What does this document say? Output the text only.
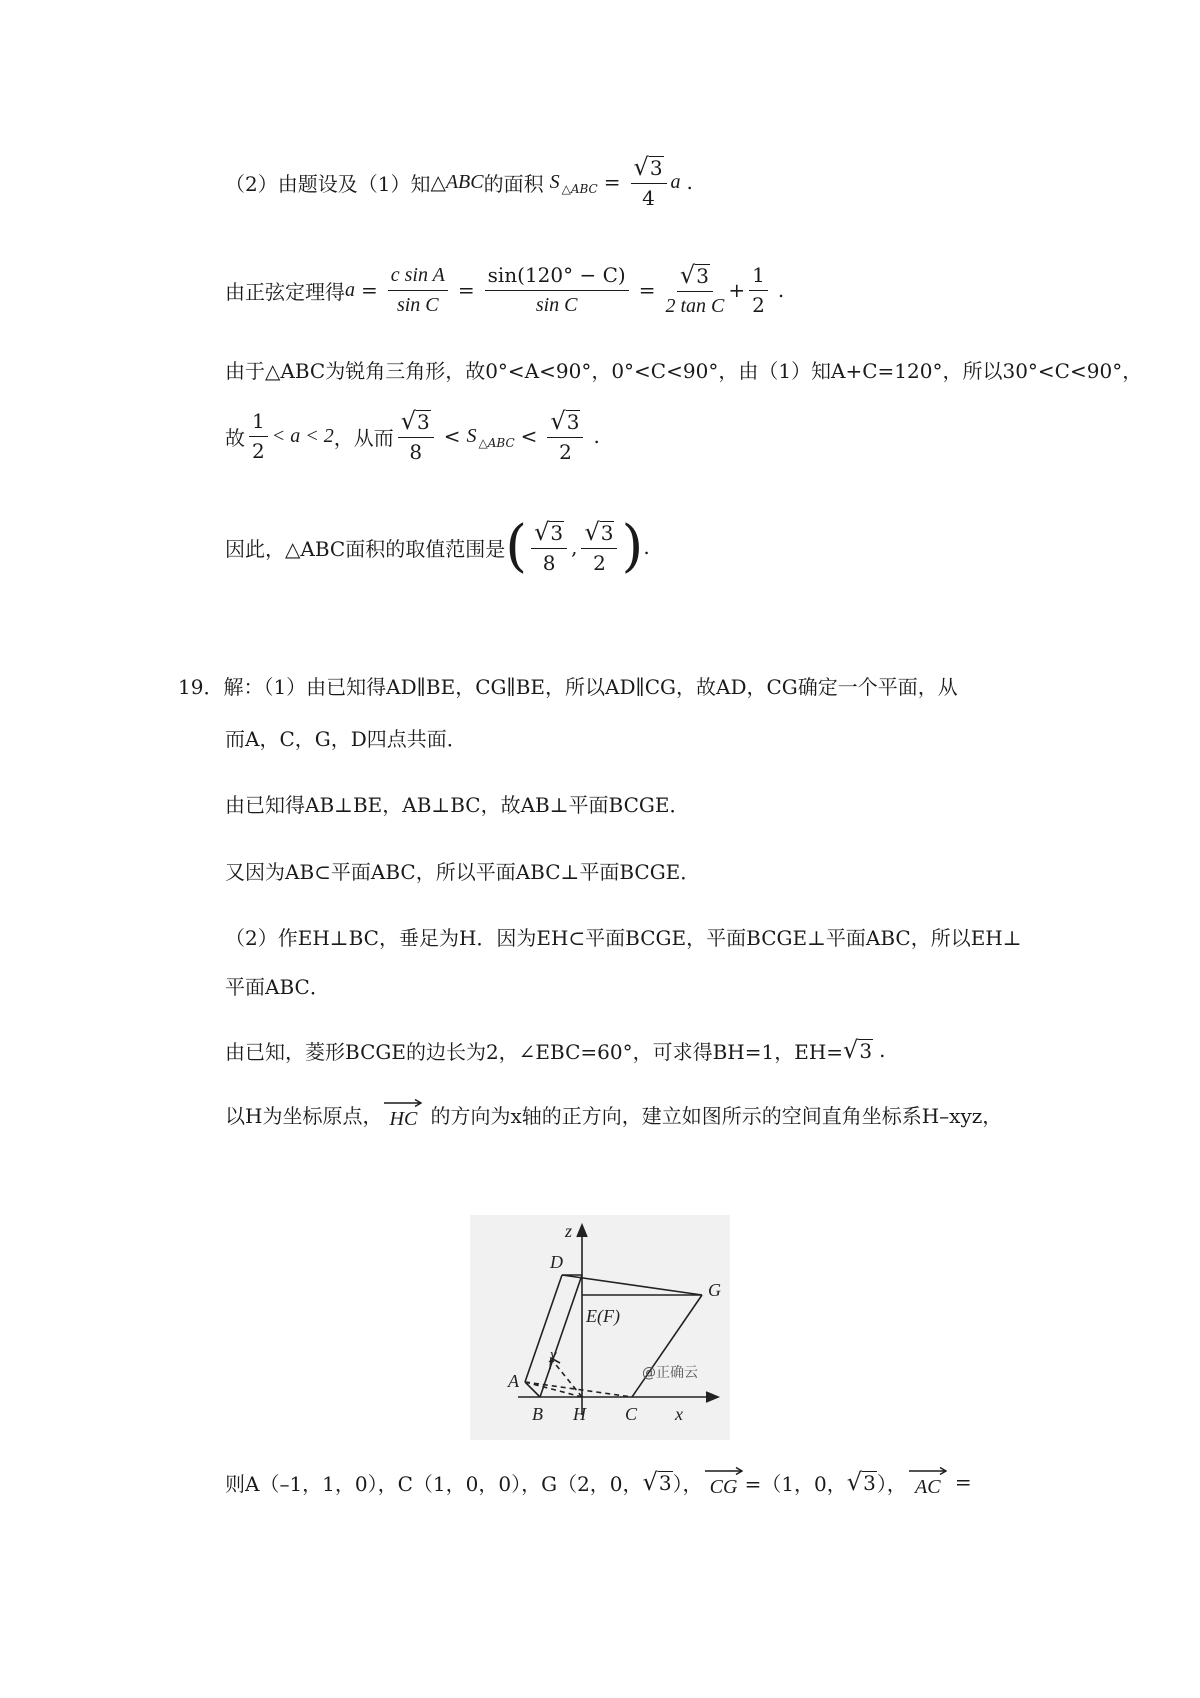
（2）由题设及（1）知 △ ABC 的面积 S △ABC = $\frac{√ 3}{4}$ a .
由正弦定理得 $a = \frac{\text{c sin A}}{\text{sin C}} = \frac{\sin(120^\circ - C)}{\text{sin C}} = \frac{√ 3}{\text{2 tan C}} + \frac{1}{2}$ .
由于△ABC为锐角三角形，故0°<A<90°，0°<C<90°，由（1）知A+C=120°，所以30°<C<90°，
故 $\frac{1}{2} < a < 2$ ，从而 $\frac{√ 3}{8} < S$ △ABC < $\frac{√ 3}{2}$ .
因此，△ABC面积的取值范围是 ( $\frac{√ 3}{8}$ , $\frac{√ 3}{2}$ ) .
19． 解：（1）由已知得AD∥BE，CG∥BE，所以AD∥CG，故AD，CG确定一个平面，从
而A，C，G，D四点共面．
由已知得AB⊥BE，AB⊥BC，故AB⊥平面BCGE．
又因为AB⊂平面ABC，所以平面ABC⊥平面BCGE．
（2）作EH⊥BC，垂足为H．因为EH⊂平面BCGE，平面BCGE⊥平面ABC，所以EH⊥
平面ABC．
由已知，菱形BCGE的边长为2，∠EBC=60°，可求得BH=1，EH= √ 3 .
以H为坐标原点， HC 的方向为x轴的正方向，建立如图所示的空间直角坐标系H–xyz，
z
D
G
E(F)
y
A
B H C x
@正确云
则A（–1，1，0），C（1，0，0），G（2，0， √ 3 ）， CG =（1，0， √ 3 ）， AC =
